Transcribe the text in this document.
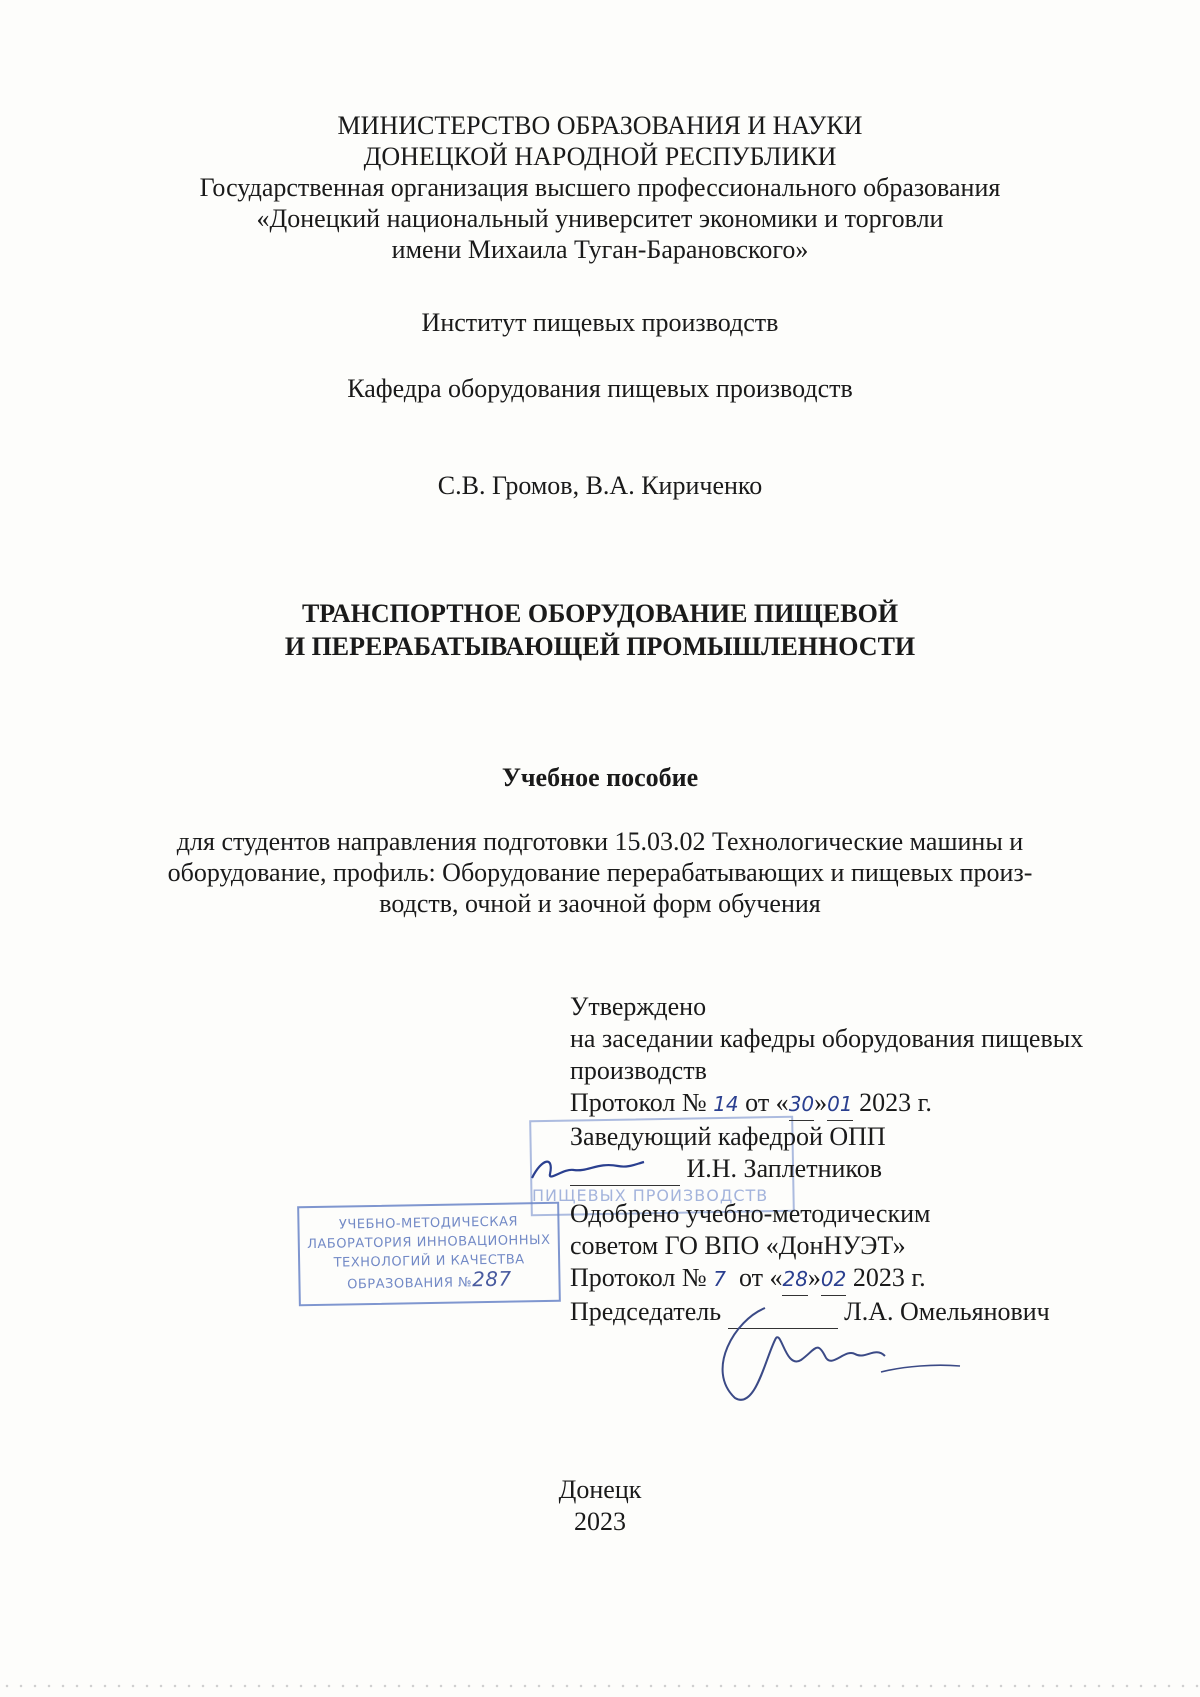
МИНИСТЕРСТВО ОБРАЗОВАНИЯ И НАУКИ
ДОНЕЦКОЙ НАРОДНОЙ РЕСПУБЛИКИ
Государственная организация высшего профессионального образования
«Донецкий национальный университет экономики и торговли
имени Михаила Туган-Барановского»
Институт пищевых производств
Кафедра оборудования пищевых производств
С.В. Громов, В.А. Кириченко
ТРАНСПОРТНОЕ ОБОРУДОВАНИЕ ПИЩЕВОЙ
И ПЕРЕРАБАТЫВАЮЩЕЙ ПРОМЫШЛЕННОСТИ
Учебное пособие
для студентов направления подготовки 15.03.02 Технологические машины и
оборудование, профиль: Оборудование перерабатывающих и пищевых произ-
водств, очной и заочной форм обучения
ПИЩЕВЫХ ПРОИЗВОДСТВ
УЧЕБНО-МЕТОДИЧЕСКАЯ
ЛАБОРАТОРИЯ ИННОВАЦИОННЫХ
ТЕХНОЛОГИЙ И КАЧЕСТВА
ОБРАЗОВАНИЯ №287
Утверждено
на заседании кафедры оборудования пищевых
производств
Протокол № 14 от «30»01 2023 г.
Заведующий кафедрой ОПП
И.Н. Заплетников
Одобрено учебно-методическим
советом ГО ВПО «ДонНУЭТ»
Протокол № 7 от «28»02 2023 г.
Председатель	Л.А. Омельянович
Донецк
2023
